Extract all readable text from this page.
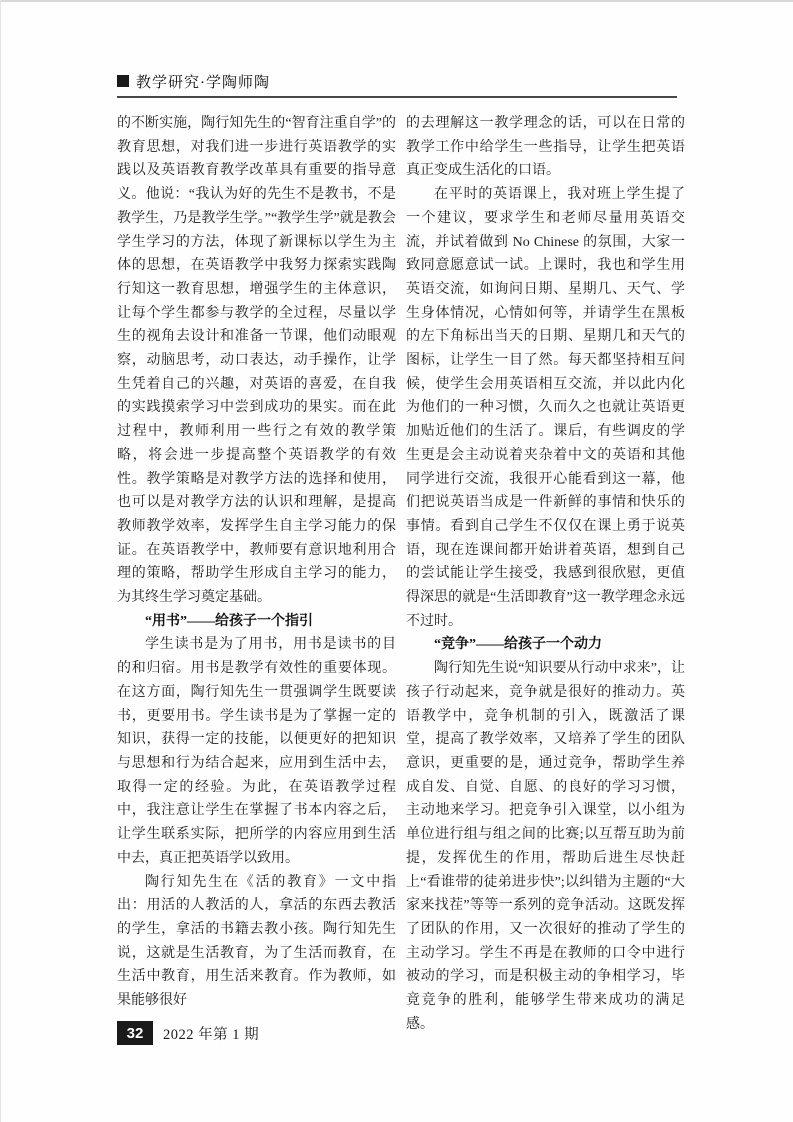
教学研究·学陶师陶
的不断实施，陶行知先生的“智育注重自学”的教育思想，对我们进一步进行英语教学的实践以及英语教育教学改革具有重要的指导意义。他说：“我认为好的先生不是教书，不是教学生，乃是教学生学。”“教学生学”就是教会学生学习的方法，体现了新课标以学生为主体的思想，在英语教学中我努力探索实践陶行知这一教育思想，增强学生的主体意识，让每个学生都参与教学的全过程，尽量以学生的视角去设计和准备一节课，他们动眼观察，动脑思考，动口表达，动手操作，让学生凭着自己的兴趣，对英语的喜爱，在自我的实践摸索学习中尝到成功的果实。而在此过程中，教师利用一些行之有效的教学策略，将会进一步提高整个英语教学的有效性。教学策略是对教学方法的选择和使用，也可以是对教学方法的认识和理解，是提高教师教学效率，发挥学生自主学习能力的保证。在英语教学中，教师要有意识地利用合理的策略，帮助学生形成自主学习的能力，为其终生学习奠定基础。
“用书”——给孩子一个指引
学生读书是为了用书，用书是读书的目的和归宿。用书是教学有效性的重要体现。在这方面，陶行知先生一贯强调学生既要读书，更要用书。学生读书是为了掌握一定的知识，获得一定的技能，以便更好的把知识与思想和行为结合起来，应用到生活中去，取得一定的经验。为此，在英语教学过程中，我注意让学生在掌握了书本内容之后，让学生联系实际，把所学的内容应用到生活中去，真正把英语学以致用。
陶行知先生在《活的教育》一文中指出：用活的人教活的人，拿活的东西去教活的学生，拿活的书籍去教小孩。陶行知先生说，这就是生活教育，为了生活而教育，在生活中教育，用生活来教育。作为教师，如果能够很好
的去理解这一教学理念的话，可以在日常的教学工作中给学生一些指导，让学生把英语真正变成生活化的口语。
在平时的英语课上，我对班上学生提了一个建议，要求学生和老师尽量用英语交流，并试着做到 No Chinese 的氛围，大家一致同意愿意试一试。上课时，我也和学生用英语交流，如询问日期、星期几、天气、学生身体情况，心情如何等，并请学生在黑板的左下角标出当天的日期、星期几和天气的图标，让学生一目了然。每天都坚持相互问候，使学生会用英语相互交流，并以此内化为他们的一种习惯，久而久之也就让英语更加贴近他们的生活了。课后，有些调皮的学生更是会主动说着夹杂着中文的英语和其他同学进行交流，我很开心能看到这一幕，他们把说英语当成是一件新鲜的事情和快乐的事情。看到自己学生不仅仅在课上勇于说英语，现在连课间都开始讲着英语，想到自己的尝试能让学生接受，我感到很欣慰，更值得深思的就是“生活即教育”这一教学理念永远不过时。
“竞争”——给孩子一个动力
陶行知先生说“知识要从行动中求来”，让孩子行动起来，竞争就是很好的推动力。英语教学中，竞争机制的引入，既激活了课堂，提高了教学效率，又培养了学生的团队意识，更重要的是，通过竞争，帮助学生养成自发、自觉、自愿、的良好的学习习惯，主动地来学习。把竞争引入课堂，以小组为单位进行组与组之间的比赛;以互帮互助为前提，发挥优生的作用，帮助后进生尽快赶上“看谁带的徒弟进步快”;以纠错为主题的“大家来找茬”等等一系列的竞争活动。这既发挥了团队的作用，又一次很好的推动了学生的主动学习。学生不再是在教师的口令中进行被动的学习，而是积极主动的争相学习，毕竟竞争的胜利，能够学生带来成功的满足感。
32 2022 年第 1 期
